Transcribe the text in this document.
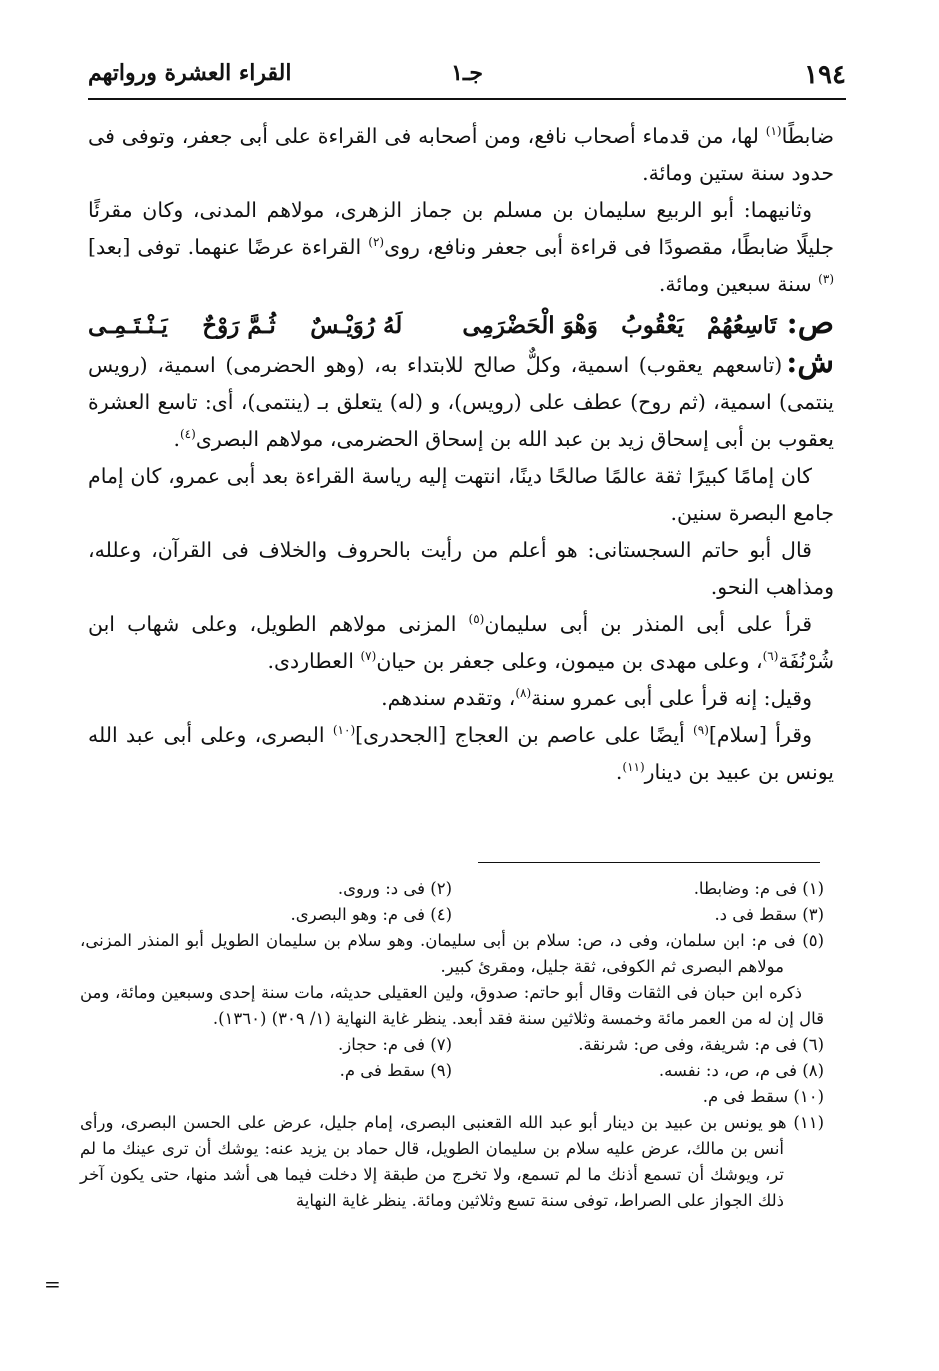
١٩٤
جـ١
القراء العشرة ورواتهم

ضابطًا$^{(١)}$ لها، من قدماء أصحاب نافع، ومن أصحابه فى القراءة على أبى جعفر، وتوفى فى حدود سنة ستين ومائة.

وثانيهما: أبو الربيع سليمان بن مسلم بن جماز الزهرى، مولاهم المدنى، وكان مقرئًا جليلًا ضابطًا، مقصودًا فى قراءة أبى جعفر ونافع، روى$^{(٢)}$ القراءة عرضًا عنهما. توفى [بعد]$^{(٣)}$ سنة سبعين ومائة.

ص:
تَاسِعُهُمْ
يَعْقُوبُ
وَهْوَ الْحَضْرَمِى
لَهُ رُوَيْـسٌ
ثُـمَّ رَوْحٌ
يَـنْـتَـمِـى

ش:(تاسعهم يعقوب) اسمية، وكلٌّ صالح للابتداء به، (وهو الحضرمى) اسمية، (رويس ينتمى) اسمية، (ثم روح) عطف على (رويس)، و (له) يتعلق بـ (ينتمى)، أى: تاسع العشرة يعقوب بن أبى إسحاق زيد بن عبد الله بن إسحاق الحضرمى، مولاهم البصرى$^{(٤)}$.

كان إمامًا كبيرًا ثقة عالمًا صالحًا دينًا، انتهت إليه رياسة القراءة بعد أبى عمرو، كان إمام جامع البصرة سنين.

قال أبو حاتم السجستانى: هو أعلم من رأيت بالحروف والخلاف فى القرآن، وعلله، ومذاهب النحو.

قرأ على أبى المنذر بن أبى سليمان$^{(٥)}$ المزنى مولاهم الطويل، وعلى شهاب ابن شُرْنُفَة$^{(٦)}$، وعلى مهدى بن ميمون، وعلى جعفر بن حيان$^{(٧)}$ العطاردى.

وقيل: إنه قرأ على أبى عمرو سنة$^{(٨)}$، وتقدم سندهم.

وقرأ [سلام]$^{(٩)}$ أيضًا على عاصم بن العجاج [الجحدرى]$^{(١٠)}$ البصرى، وعلى أبى عبد الله يونس بن عبيد بن دينار$^{(١١)}$.

(١) فى م: وضابطا.
(٢) فى د: وروى.
(٣) سقط فى د.
(٤) فى م: وهو البصرى.
(٥) فى م: ابن سلمان، وفى د، ص: سلام بن أبى سليمان. وهو سلام بن سليمان الطويل أبو المنذر المزنى، مولاهم البصرى ثم الكوفى، ثقة جليل، ومقرئ كبير.
ذكره ابن حبان فى الثقات وقال أبو حاتم: صدوق، ولين العقيلى حديثه، مات سنة إحدى وسبعين ومائة، ومن قال إن له من العمر مائة وخمسة وثلاثين سنة فقد أبعد. ينظر غاية النهاية (١/ ٣٠٩) (١٣٦٠).
(٦) فى م: شريفة، وفى ص: شرنقة.
(٧) فى م: حجاز.
(٨) فى م، ص، د: نفسه.
(٩) سقط فى م.
(١٠) سقط فى م.
(١١) هو يونس بن عبيد بن دينار أبو عبد الله القعنبى البصرى، إمام جليل، عرض على الحسن البصرى، ورأى أنس بن مالك، عرض عليه سلام بن سليمان الطويل، قال حماد بن يزيد عنه: يوشك أن ترى عينك ما لم تر، ويوشك أن تسمع أذنك ما لم تسمع، ولا تخرج من طبقة إلا دخلت فيما هى أشد منها، حتى يكون آخر ذلك الجواز على الصراط، توفى سنة تسع وثلاثين ومائة. ينظر غاية النهاية
=
